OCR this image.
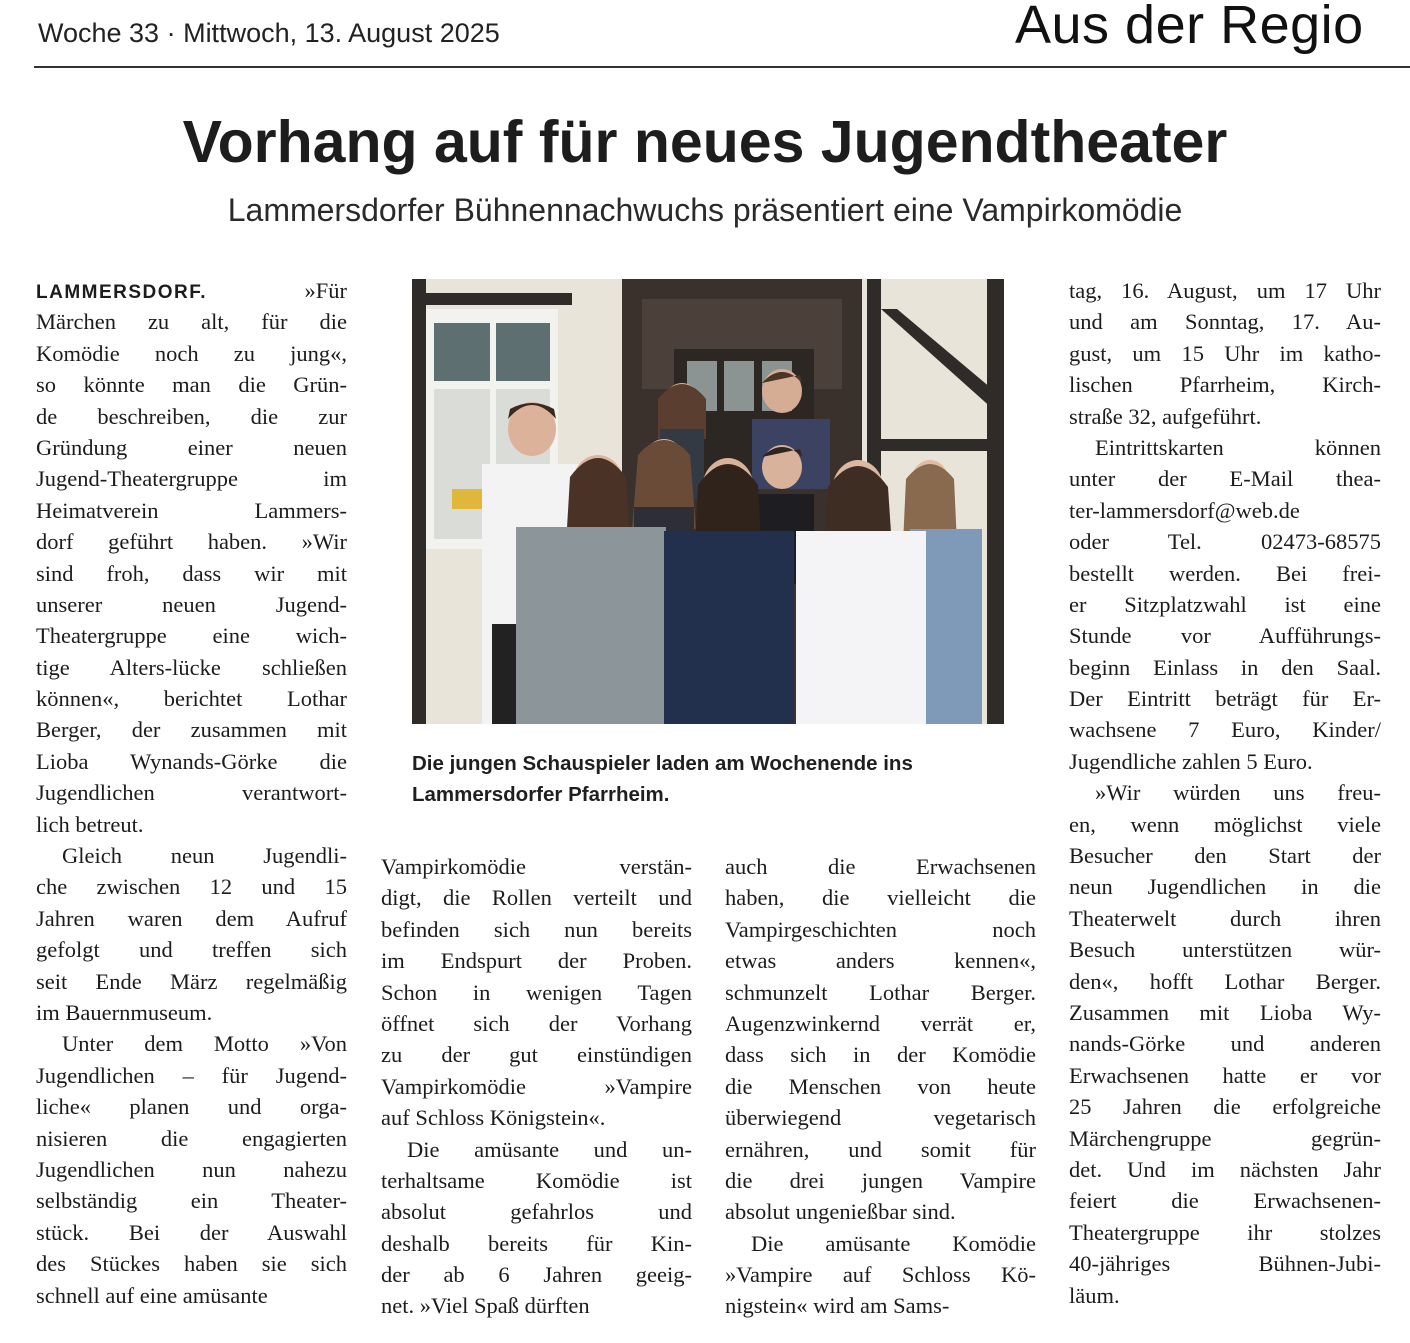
Woche 33 · Mittwoch, 13. August 2025	Aus der Regio
Vorhang auf für neues Jugendtheater
Lammersdorfer Bühnennachwuchs präsentiert eine Vampirkomödie
LAMMERSDORF.	»Für
Märchen zu alt, für die
Komödie noch zu jung«,
so könnte man die Grün-
de beschreiben, die zur
Gründung einer neuen
Jugend-Theatergruppe im
Heimatverein Lammers-
dorf geführt haben. »Wir
sind froh, dass wir mit
unserer neuen Jugend-
Theatergruppe eine wich-
tige Alters-lücke schließen
können«, berichtet Lothar
Berger, der zusammen mit
Lioba Wynands-Görke die
Jugendlichen verantwort-
lich betreut.
Gleich neun Jugendli-
che zwischen 12 und 15
Jahren waren dem Aufruf
gefolgt und treffen sich
seit Ende März regelmäßig
im Bauernmuseum.
Unter dem Motto »Von
Jugendlichen – für Jugend-
liche« planen und orga-
nisieren die engagierten
Jugendlichen nun nahezu
selbständig ein Theater-
stück. Bei der Auswahl
des Stückes haben sie sich
schnell auf eine amüsante
Vampirkomödie verstän-
digt, die Rollen verteilt und
befinden sich nun bereits
im Endspurt der Proben.
Schon in wenigen Tagen
öffnet sich der Vorhang
zu der gut einstündigen
Vampirkomödie »Vampire
auf Schloss Königstein«.
Die amüsante und un-
terhaltsame Komödie ist
absolut gefahrlos und
deshalb bereits für Kin-
der ab 6 Jahren geeig-
net. »Viel Spaß dürften
auch die Erwachsenen
haben, die vielleicht die
Vampirgeschichten noch
etwas anders kennen«,
schmunzelt Lothar Berger.
Augenzwinkernd verrät er,
dass sich in der Komödie
die Menschen von heute
überwiegend vegetarisch
ernähren, und somit für
die drei jungen Vampire
absolut ungenießbar sind.
Die amüsante Komödie
»Vampire auf Schloss Kö-
nigstein« wird am Sams-
tag, 16. August, um 17 Uhr
und am Sonntag, 17. Au-
gust, um 15 Uhr im katho-
lischen Pfarrheim, Kirch-
straße 32, aufgeführt.
Eintrittskarten können
unter der E-Mail thea-
ter-lammersdorf@web.de
oder Tel. 02473-68575
bestellt werden. Bei frei-
er Sitzplatzwahl ist eine
Stunde vor Aufführungs-
beginn Einlass in den Saal.
Der Eintritt beträgt für Er-
wachsene 7 Euro, Kinder/
Jugendliche zahlen 5 Euro.
»Wir würden uns freu-
en, wenn möglichst viele
Besucher den Start der
neun Jugendlichen in die
Theaterwelt durch ihren
Besuch unterstützen wür-
den«, hofft Lothar Berger.
Zusammen mit Lioba Wy-
nands-Görke und anderen
Erwachsenen hatte er vor
25 Jahren die erfolgreiche
Märchengruppe gegrün-
det. Und im nächsten Jahr
feiert die Erwachsenen-
Theatergruppe ihr stolzes
40-jähriges Bühnen-Jubi-
läum.
Die jungen Schauspieler laden am Wochenende ins
Lammersdorfer Pfarrheim.
